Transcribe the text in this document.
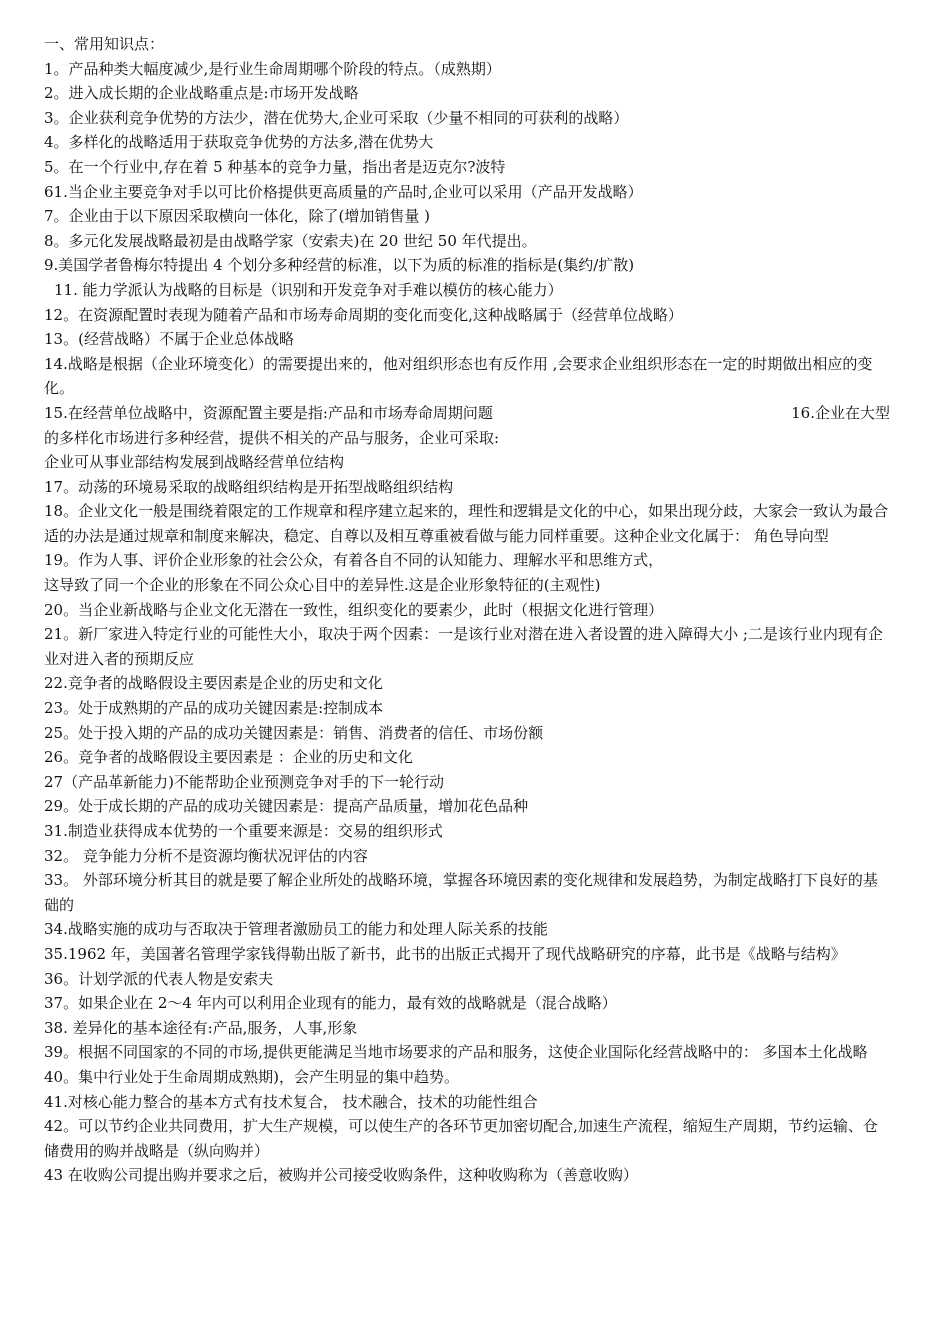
一、常用知识点：

1。产品种类大幅度减少,是行业生命周期哪个阶段的特点。（成熟期）

2。进入成长期的企业战略重点是:市场开发战略

3。企业获利竞争优势的方法少，潜在优势大,企业可采取（少量不相同的可获利的战略）

4。多样化的战略适用于获取竞争优势的方法多,潜在优势大

5。在一个行业中,存在着 5 种基本的竞争力量，指出者是迈克尔?波特

61.当企业主要竞争对手以可比价格提供更高质量的产品时,企业可以采用（产品开发战略）

7。企业由于以下原因采取横向一体化，除了(增加销售量 )

8。多元化发展战略最初是由战略学家（安索夫)在 20 世纪 50 年代提出。

9.美国学者鲁梅尔特提出 4 个划分多种经营的标准，以下为质的标准的指标是(集约/扩散)

11. 能力学派认为战略的目标是（识别和开发竞争对手难以模仿的核心能力）

12。在资源配置时表现为随着产品和市场寿命周期的变化而变化,这种战略属于（经营单位战略）

13。(经营战略）不属于企业总体战略

14.战略是根据（企业环境变化）的需要提出来的，他对组织形态也有反作用 ,会要求企业组织形态在一定的时期做出相应的变化。

15.在经营单位战略中，资源配置主要是指:产品和市场寿命周期问题	16.企业在大型

的多样化市场进行多种经营，提供不相关的产品与服务，企业可采取:

企业可从事业部结构发展到战略经营单位结构

17。动荡的环境易采取的战略组织结构是开拓型战略组织结构

18。企业文化一般是围绕着限定的工作规章和程序建立起来的，理性和逻辑是文化的中心，如果出现分歧，大家会一致认为最合适的办法是通过规章和制度来解决，稳定、自尊以及相互尊重被看做与能力同样重要。这种企业文化属于： 角色导向型

19。作为人事、评价企业形象的社会公众，有着各自不同的认知能力、理解水平和思维方式，

这导致了同一个企业的形象在不同公众心目中的差异性.这是企业形象特征的(主观性)

20。当企业新战略与企业文化无潜在一致性，组织变化的要素少，此时（根据文化进行管理）

21。新厂家进入特定行业的可能性大小，取决于两个因素：一是该行业对潜在进入者设置的进入障碍大小 ;二是该行业内现有企业对进入者的预期反应

22.竞争者的战略假设主要因素是企业的历史和文化

23。处于成熟期的产品的成功关键因素是:控制成本

25。处于投入期的产品的成功关键因素是：销售、消费者的信任、市场份额

26。竞争者的战略假设主要因素是 ：企业的历史和文化

27（产品革新能力)不能帮助企业预测竞争对手的下一轮行动

29。处于成长期的产品的成功关键因素是：提高产品质量，增加花色品种

31.制造业获得成本优势的一个重要来源是：交易的组织形式

32。 竞争能力分析不是资源均衡状况评估的内容

33。 外部环境分析其目的就是要了解企业所处的战略环境，掌握各环境因素的变化规律和发展趋势，为制定战略打下良好的基础的

34.战略实施的成功与否取决于管理者激励员工的能力和处理人际关系的技能

35.1962 年，美国著名管理学家钱得勒出版了新书，此书的出版正式揭开了现代战略研究的序幕，此书是《战略与结构》

36。计划学派的代表人物是安索夫

37。如果企业在 2～4 年内可以利用企业现有的能力，最有效的战略就是（混合战略）

38. 差异化的基本途径有:产品,服务，人事,形象

39。根据不同国家的不同的市场,提供更能满足当地市场要求的产品和服务，这使企业国际化经营战略中的： 多国本土化战略

40。集中行业处于生命周期成熟期)，会产生明显的集中趋势。

41.对核心能力整合的基本方式有技术复合， 技术融合，技术的功能性组合

42。可以节约企业共同费用，扩大生产规模，可以使生产的各环节更加密切配合,加速生产流程，缩短生产周期，节约运输、仓储费用的购并战略是（纵向购并）

43 在收购公司提出购并要求之后，被购并公司接受收购条件，这种收购称为（善意收购）
